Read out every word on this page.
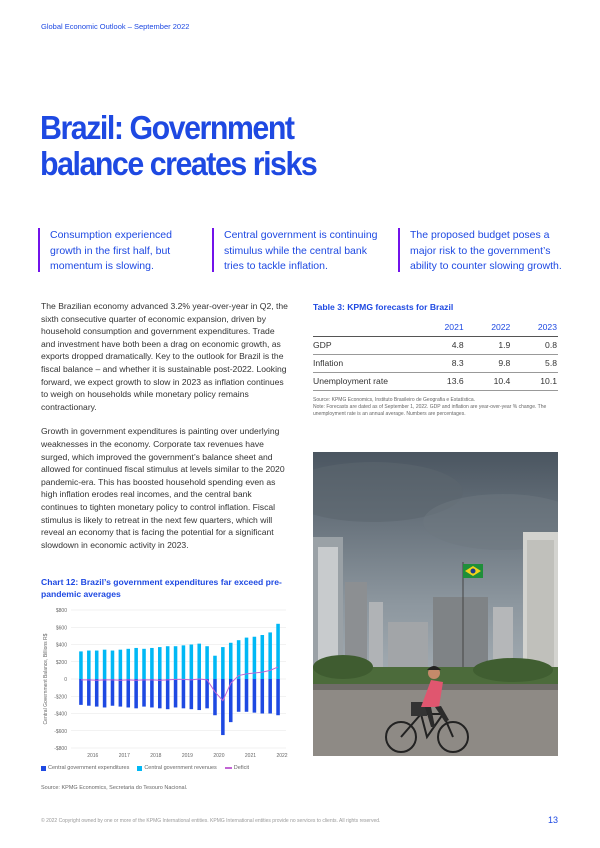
Global Economic Outlook – September 2022
Brazil: Government
balance creates risks
Consumption experienced growth in the first half, but momentum is slowing.
Central government is continuing stimulus while the central bank tries to tackle inflation.
The proposed budget poses a major risk to the government’s ability to counter slowing growth.

The Brazilian economy advanced 3.2% year-over-year in Q2, the sixth consecutive quarter of economic expansion, driven by household consumption and government expenditures. Trade and investment have both been a drag on economic growth, as exports dropped dramatically. Key to the outlook for Brazil is the fiscal balance – and whether it is sustainable post-2022. Looking forward, we expect growth to slow in 2023 as inflation continues to weigh on households while monetary policy remains contractionary.

Growth in government expenditures is painting over underlying weaknesses in the economy. Corporate tax revenues have surged, which improved the government’s balance sheet and allowed for continued fiscal stimulus at levels similar to the 2020 pandemic-era. This has boosted household spending even as high inflation erodes real incomes, and the central bank continues to tighten monetary policy to control inflation. Fiscal stimulus is likely to retreat in the next few quarters, which will reveal an economy that is facing the potential for a significant slowdown in economic activity in 2023.

Table 3: KPMG forecasts for Brazil
	2021	2022	2023
GDP	4.8	1.9	0.8
Inflation	8.3	9.8	5.8
Unemployment rate	13.6	10.4	10.1
Source: KPMG Economics, Instituto Brasileiro de Geografia e Estatística.
Note: Forecasts are dated as of September 1, 2022. GDP and inflation are year-over-year % change. The unemployment rate is an annual average. Numbers are percentages.
Chart 12: Brazil’s government expenditures far exceed pre-pandemic averages
$800
$600
$400
$200
0
-$200
-$400
-$600
-$800
Central Government Balance, Billions R$
2016	2017	2018	2019	2020	2021	2022
Central government expenditures	Central government revenues	Deficit
Source: KPMG Economics, Secretaria do Tesouro Nacional.
© 2022 Copyright owned by one or more of the KPMG International entities. KPMG International entities provide no services to clients. All rights reserved.	13
